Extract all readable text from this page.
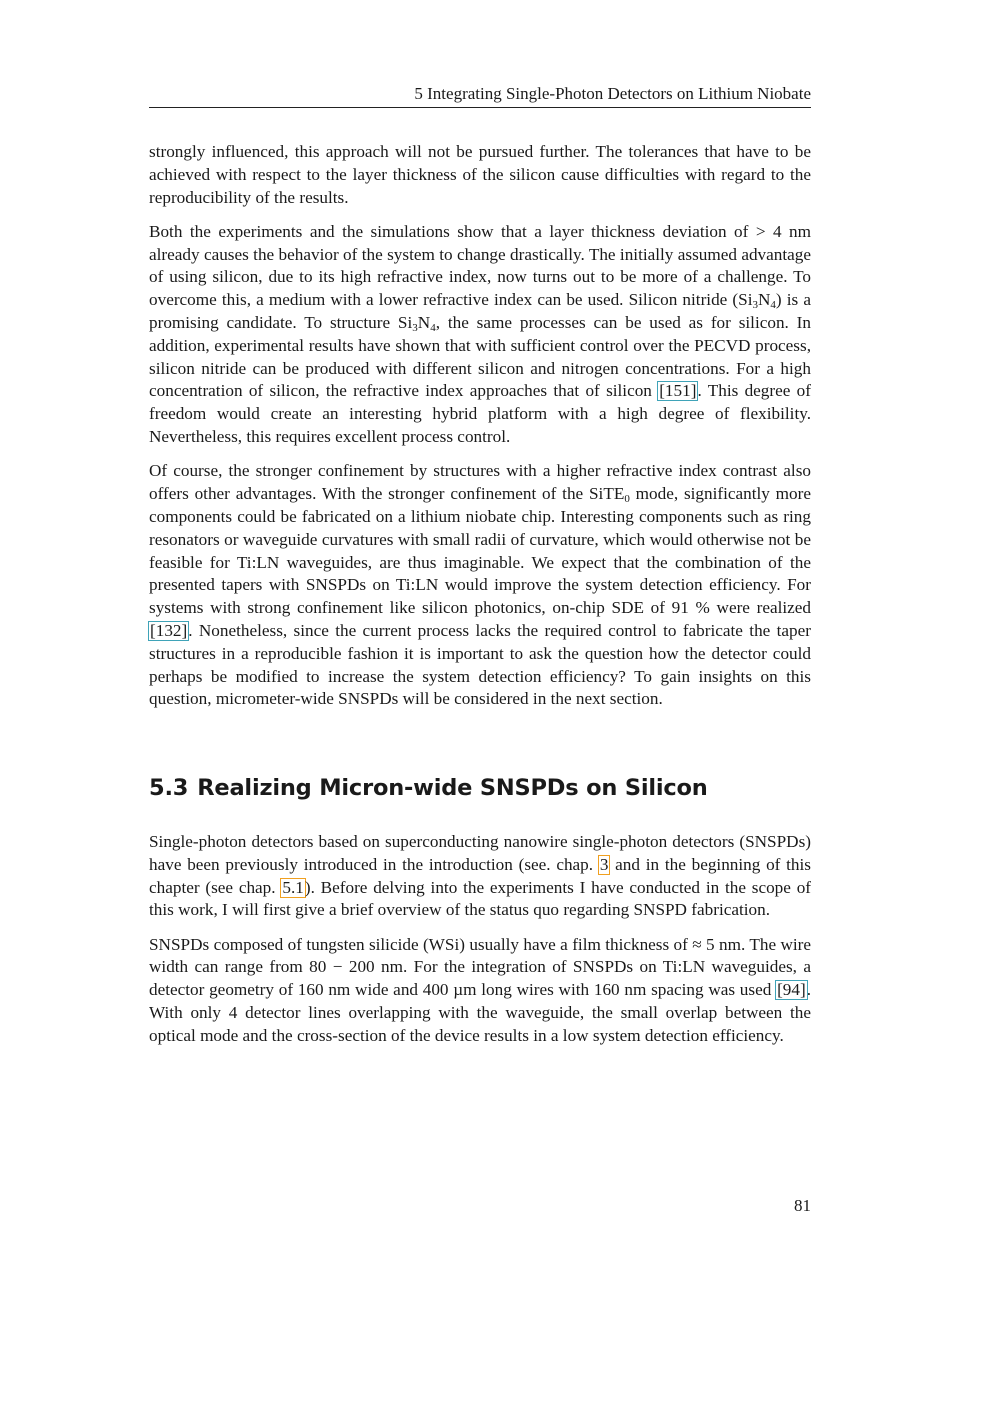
5 Integrating Single-Photon Detectors on Lithium Niobate

strongly influenced, this approach will not be pursued further. The tolerances that have to be achieved with respect to the layer thickness of the silicon cause difficulties with regard to the reproducibility of the results.

Both the experiments and the simulations show that a layer thickness deviation of > 4 nm already causes the behavior of the system to change drastically. The initially assumed advantage of using silicon, due to its high refractive index, now turns out to be more of a challenge. To overcome this, a medium with a lower refractive index can be used. Silicon nitride $(Si_3N_4)$ is a promising candidate. To structure $Si_3N_4$, the same processes can be used as for silicon. In addition, experimental results have shown that with sufficient control over the PECVD process, silicon nitride can be produced with different silicon and nitrogen concentrations. For a high concentration of silicon, the refractive index approaches that of silicon [151]. This degree of freedom would create an interesting hybrid platform with a high degree of flexibility. Nevertheless, this requires excellent process control.

Of course, the stronger confinement by structures with a higher refractive index contrast also offers other advantages. With the stronger confinement of the SiTE$_0$ mode, significantly more components could be fabricated on a lithium niobate chip. Interesting components such as ring resonators or waveguide curvatures with small radii of curvature, which would otherwise not be feasible for Ti:LN waveguides, are thus imaginable. We expect that the combination of the presented tapers with SNSPDs on Ti:LN would improve the system detection efficiency. For systems with strong confinement like silicon photonics, on-chip SDE of 91 % were realized [132]. Nonetheless, since the current process lacks the required control to fabricate the taper structures in a reproducible fashion it is important to ask the question how the detector could perhaps be modified to increase the system detection efficiency? To gain insights on this question, micrometer-wide SNSPDs will be considered in the next section.

5.3 Realizing Micron-wide SNSPDs on Silicon

Single-photon detectors based on superconducting nanowire single-photon detectors (SNSPDs) have been previously introduced in the introduction (see. chap. 3 and in the beginning of this chapter (see chap. 5.1). Before delving into the experiments I have conducted in the scope of this work, I will first give a brief overview of the status quo regarding SNSPD fabrication.

SNSPDs composed of tungsten silicide (WSi) usually have a film thickness of ≈ 5 nm. The wire width can range from 80 − 200 nm. For the integration of SNSPDs on Ti:LN waveguides, a detector geometry of 160 nm wide and 400 µm long wires with 160 nm spacing was used [94]. With only 4 detector lines overlapping with the waveguide, the small overlap between the optical mode and the cross-section of the device results in a low system detection efficiency.

81
